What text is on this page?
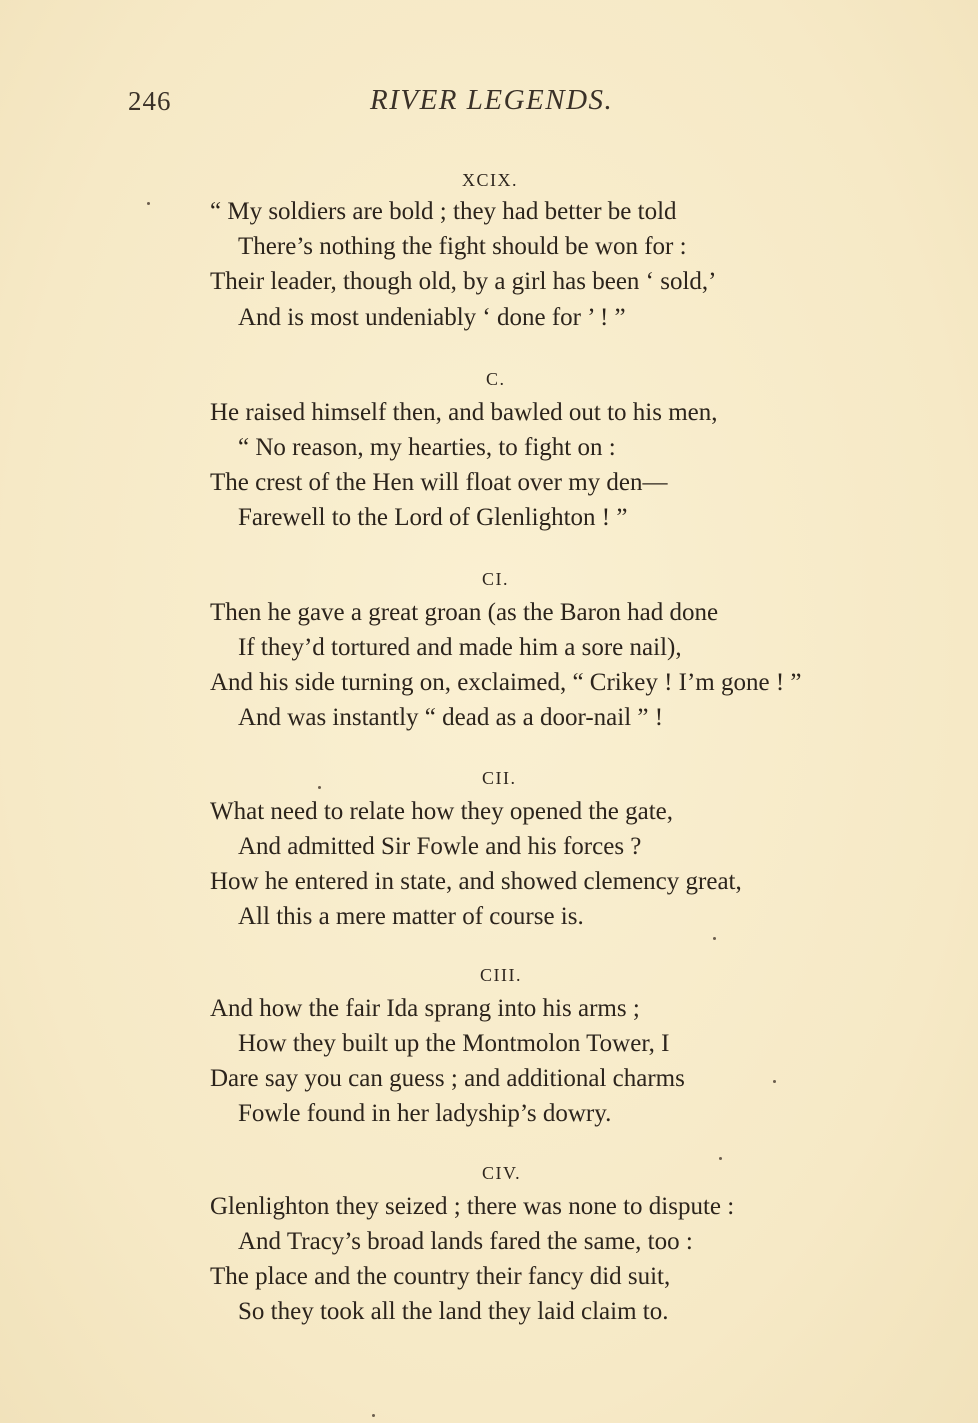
246	RIVER LEGENDS.
XCIX.
“ My soldiers are bold ; they had better be told
There’s nothing the fight should be won for :
Their leader, though old, by a girl has been ‘ sold,’
And is most undeniably ‘ done for ’ ! ”
C.
He raised himself then, and bawled out to his men,
“ No reason, my hearties, to fight on :
The crest of the Hen will float over my den—
Farewell to the Lord of Glenlighton ! ”
CI.
Then he gave a great groan (as the Baron had done
If they’d tortured and made him a sore nail),
And his side turning on, exclaimed, “ Crikey ! I’m gone ! ”
And was instantly “ dead as a door-nail ” !
CII.
What need to relate how they opened the gate,
And admitted Sir Fowle and his forces ?
How he entered in state, and showed clemency great,
All this a mere matter of course is.
CIII.
And how the fair Ida sprang into his arms ;
How they built up the Montmolon Tower, I
Dare say you can guess ; and additional charms
Fowle found in her ladyship’s dowry.
CIV.
Glenlighton they seized ; there was none to dispute :
And Tracy’s broad lands fared the same, too :
The place and the country their fancy did suit,
So they took all the land they laid claim to.
